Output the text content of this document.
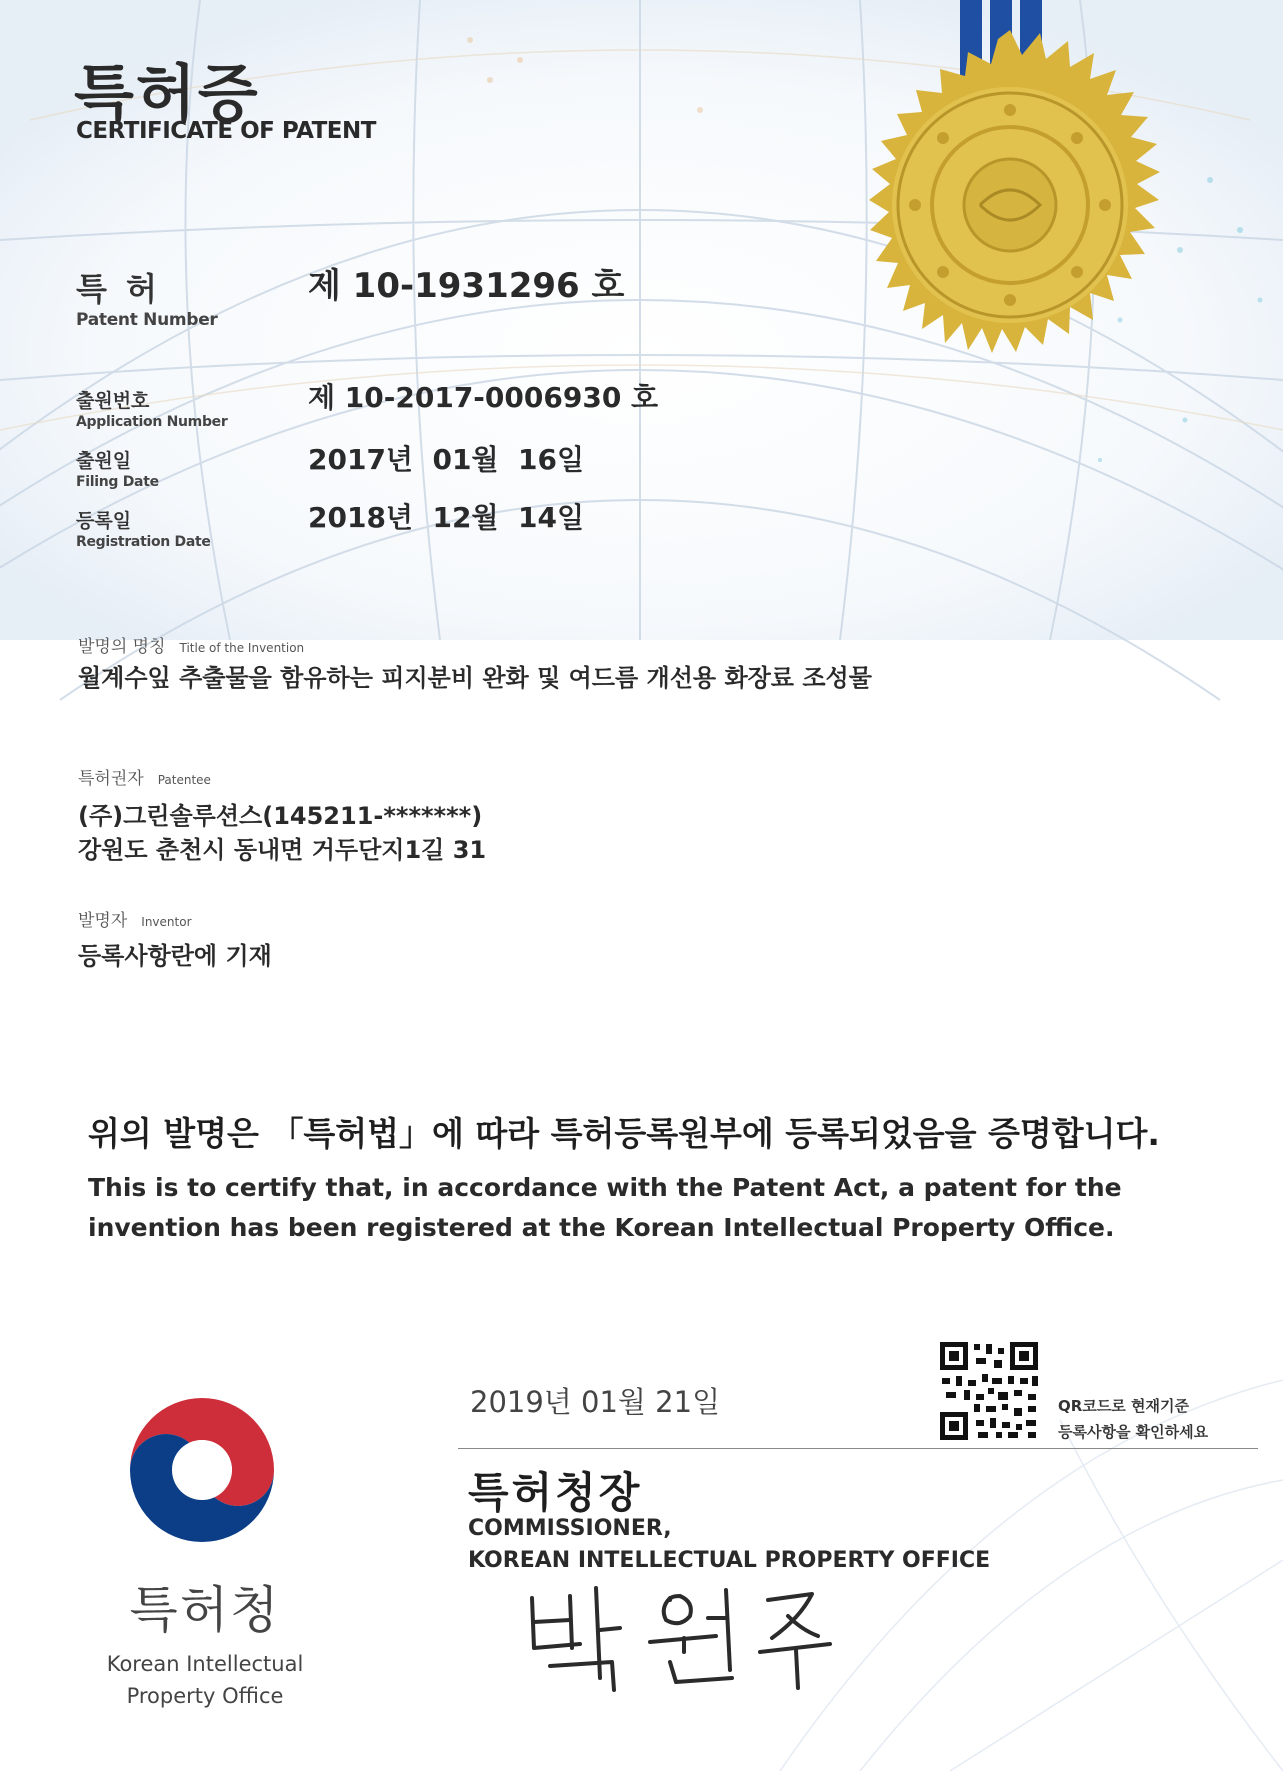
특허증
CERTIFICATE OF PATENT
특 허
Patent Number
제 10-1931296 호
출원번호
Application Number
제 10-2017-0006930 호
출원일
Filing Date
2017년  01월  16일
등록일
Registration Date
2018년  12월  14일
발명의 명칭 Title of the Invention
월계수잎 추출물을 함유하는 피지분비 완화 및 여드름 개선용 화장료 조성물
특허권자 Patentee
(주)그린솔루션스(145211-*******)
강원도 춘천시 동내면 거두단지1길 31
발명자 Inventor
등록사항란에 기재
위의 발명은 「특허법」에 따라 특허등록원부에 등록되었음을 증명합니다.
This is to certify that, in accordance with the Patent Act, a patent for the invention has been registered at the Korean Intellectual Property Office.
2019년 01월 21일	QR코드로 현재기준
등록사항을 확인하세요
특허청장
COMMISSIONER,
KOREAN INTELLECTUAL PROPERTY OFFICE
특허청
Korean Intellectual
Property Office
